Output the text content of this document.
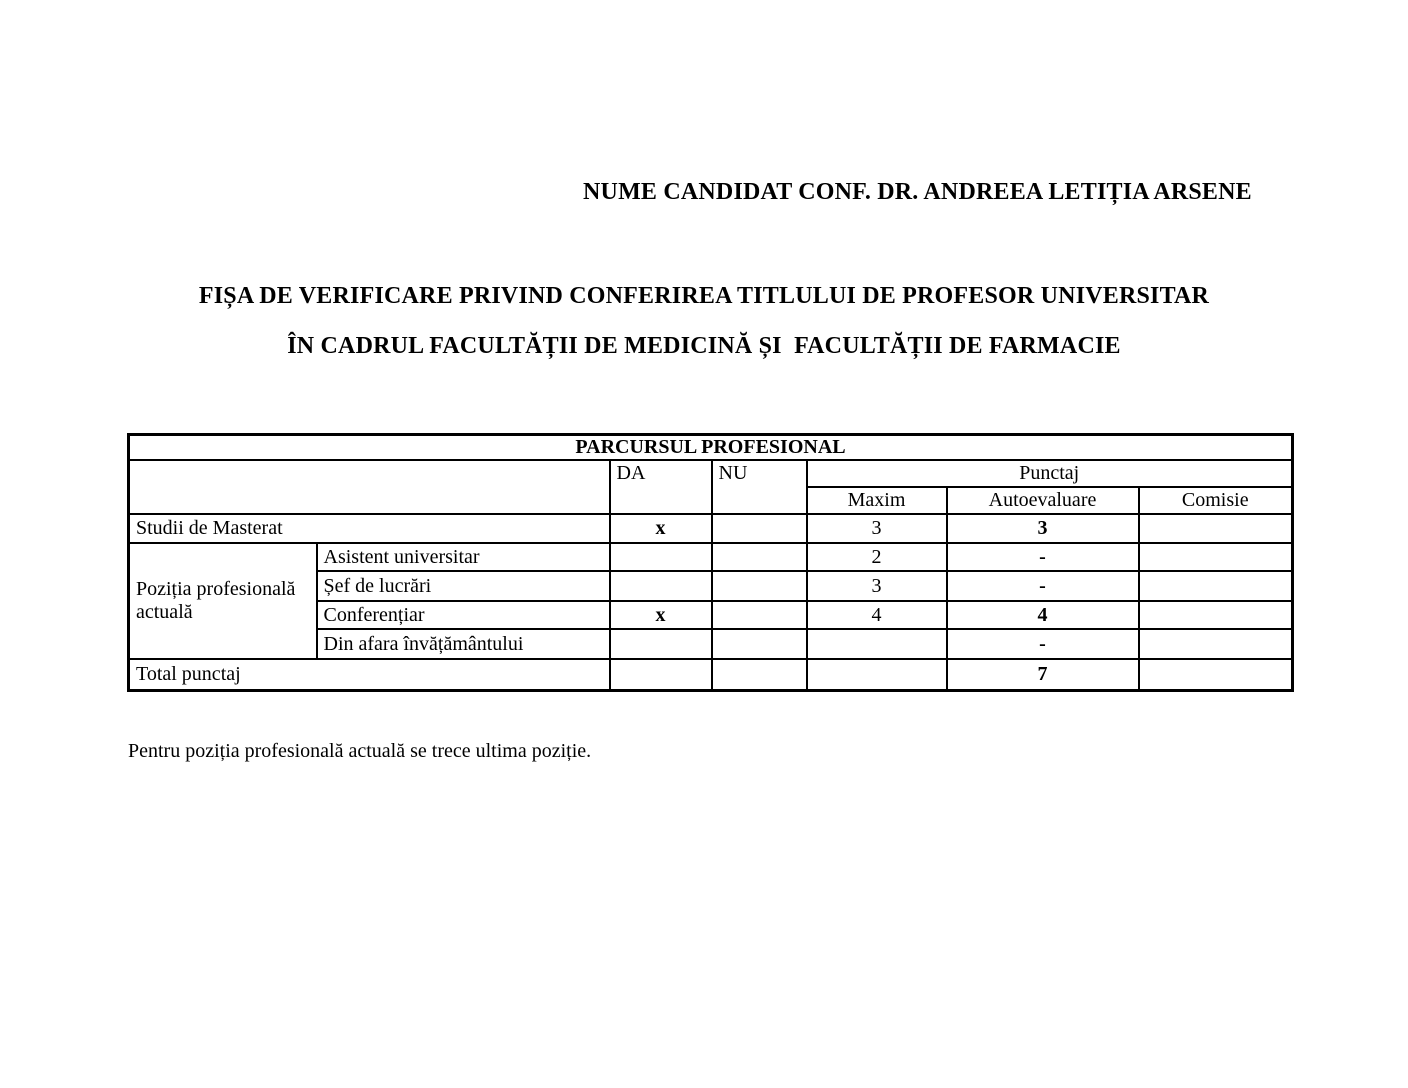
NUME CANDIDAT CONF. DR. ANDREEA LETIȚIA ARSENE
FIȘA DE VERIFICARE PRIVIND CONFERIREA TITLULUI DE PROFESOR UNIVERSITAR
ÎN CADRUL FACULTĂȚII DE MEDICINĂ ȘI  FACULTĂȚII DE FARMACIE
PARCURSUL PROFESIONAL						
		DA	NU	Punctaj		
				Maxim	Autoevaluare	Comisie
Studii de Masterat		x		3	3	
Poziția profesională actuală	Asistent universitar			2	-	
	Șef de lucrări			3	-	
	Conferențiar	x		4	4	
	Din afara învățământului				-	
Total punctaj					7	
Pentru poziția profesională actuală se trece ultima poziție.
